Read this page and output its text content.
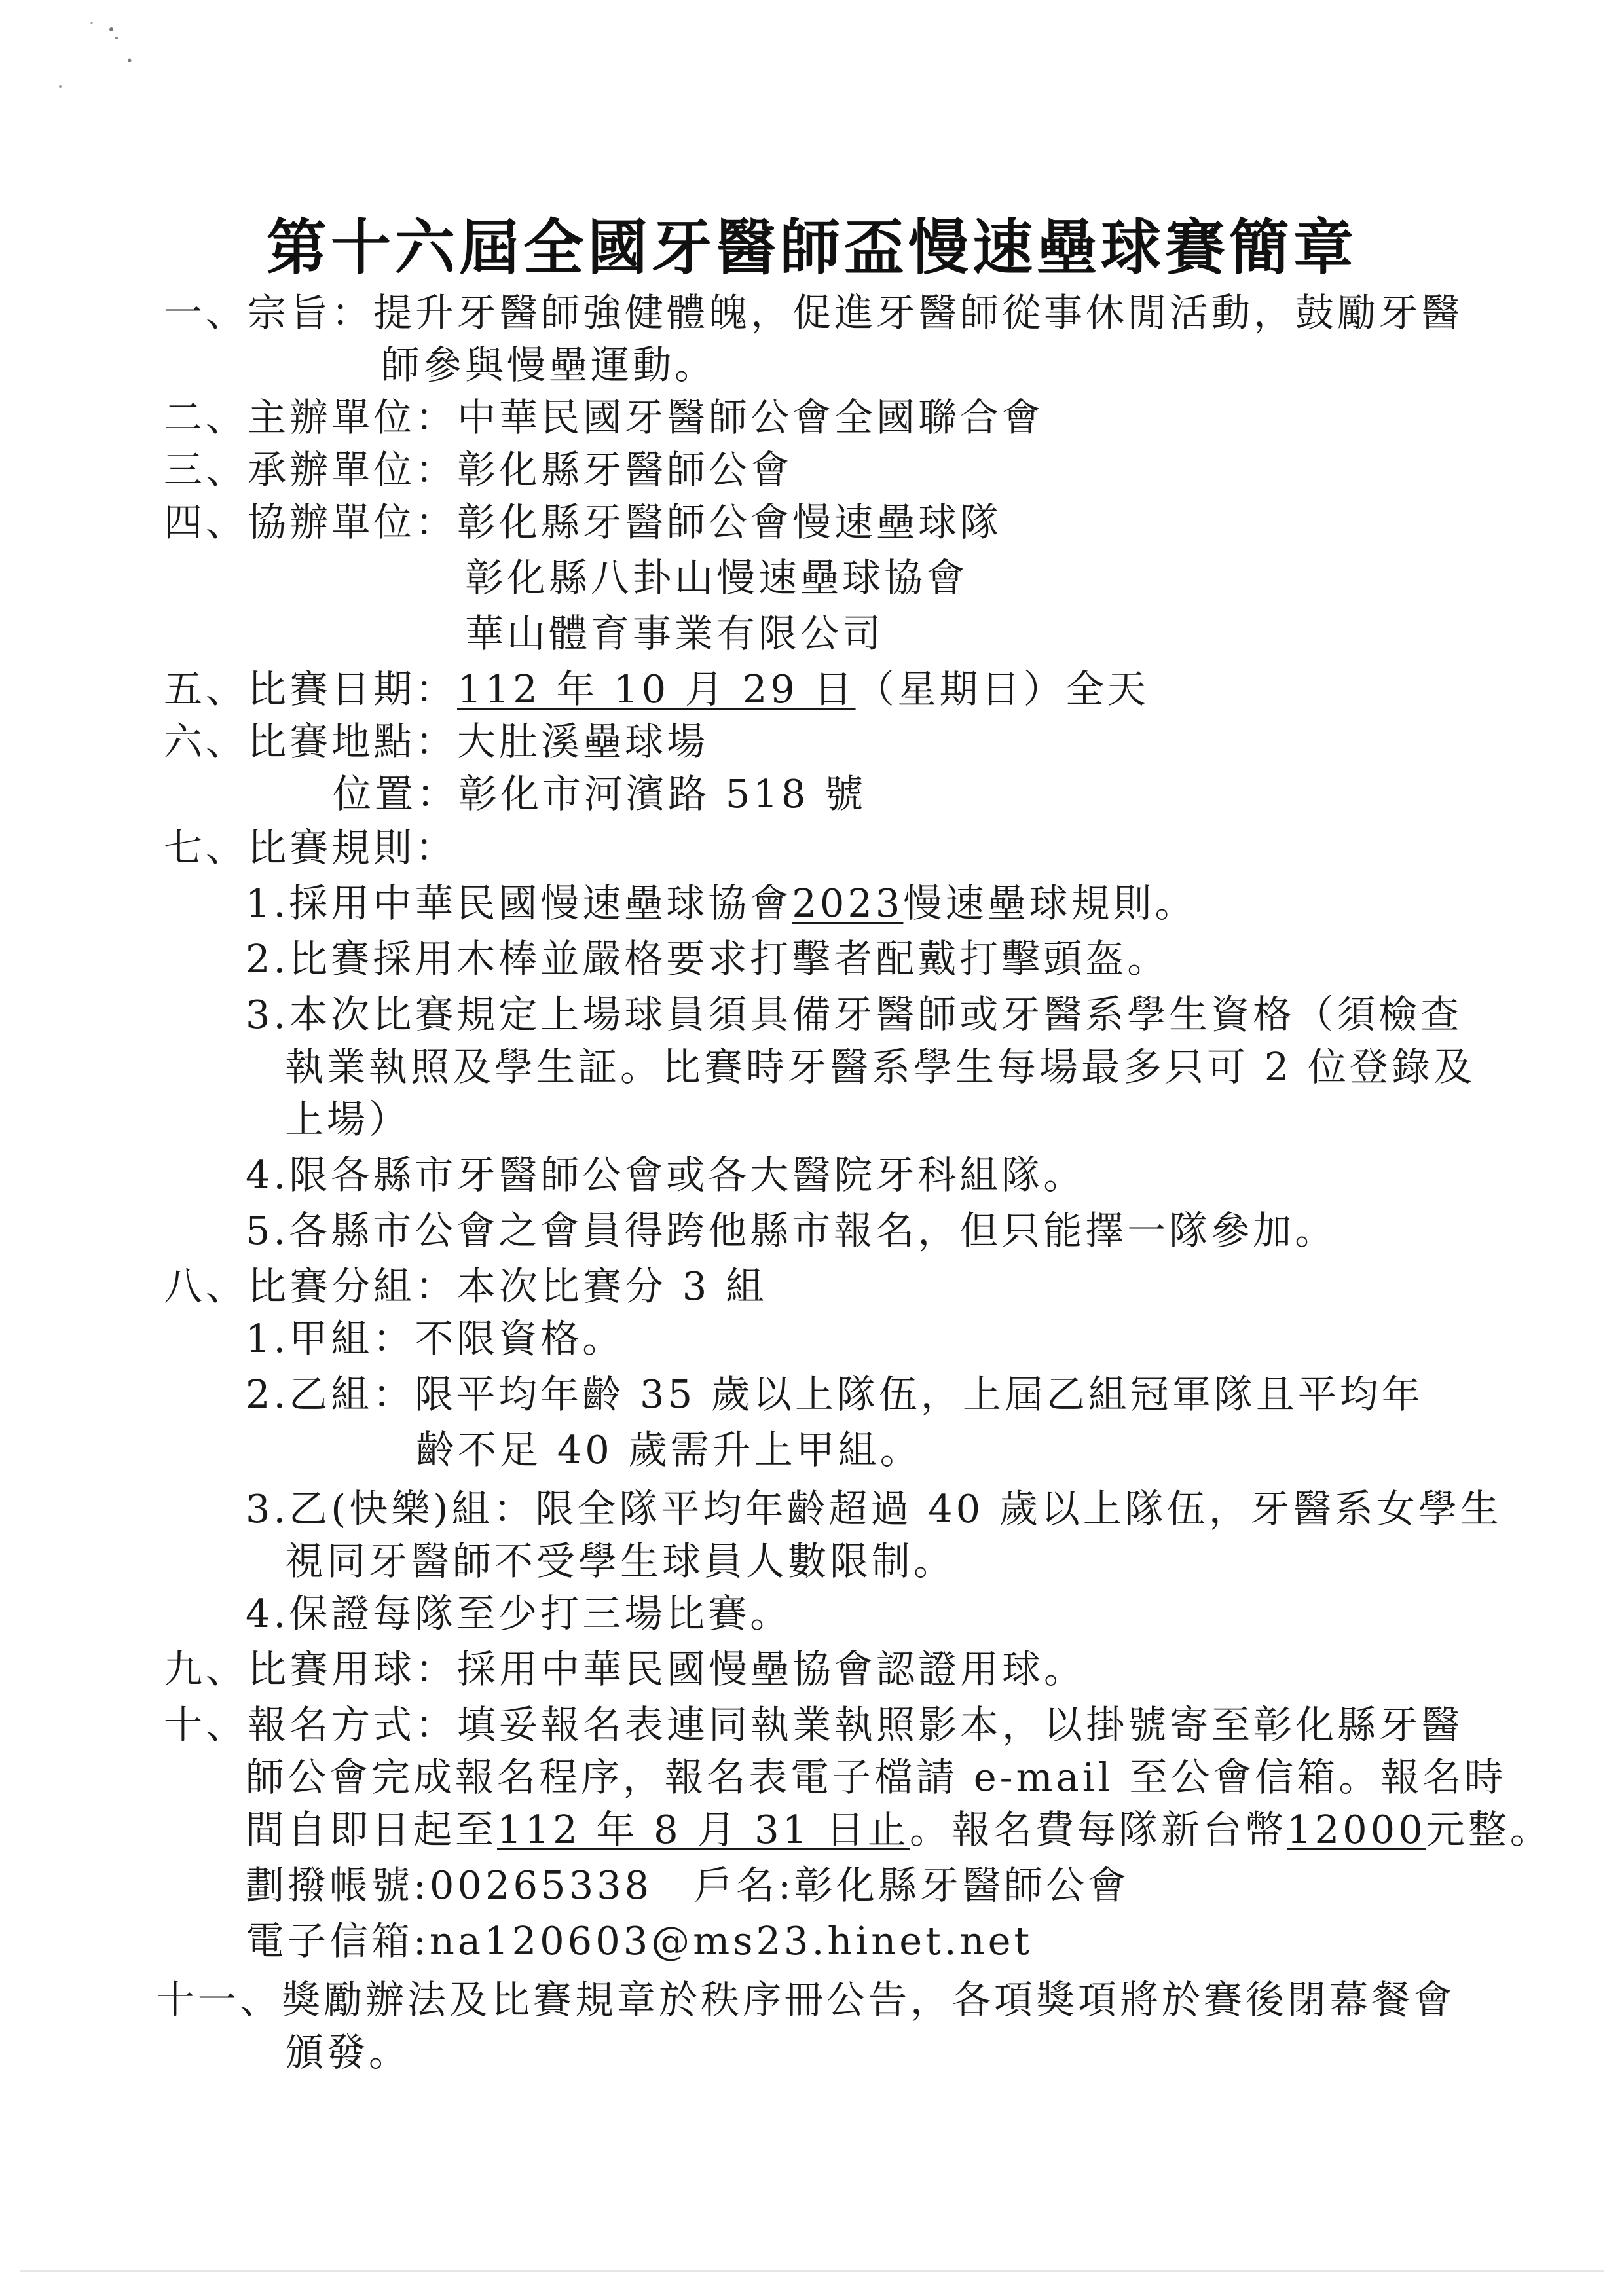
第十六屆全國牙醫師盃慢速壘球賽簡章
一、宗旨：提升牙醫師強健體魄，促進牙醫師從事休閒活動，鼓勵牙醫
師參與慢壘運動。
二、主辦單位：中華民國牙醫師公會全國聯合會
三、承辦單位：彰化縣牙醫師公會
四、協辦單位：彰化縣牙醫師公會慢速壘球隊
彰化縣八卦山慢速壘球協會
華山體育事業有限公司
五、比賽日期：112 年 10 月 29 日（星期日）全天
六、比賽地點：大肚溪壘球場
位置：彰化市河濱路 518 號
七、比賽規則：
1.採用中華民國慢速壘球協會2023慢速壘球規則。
2.比賽採用木棒並嚴格要求打擊者配戴打擊頭盔。
3.本次比賽規定上場球員須具備牙醫師或牙醫系學生資格（須檢查
執業執照及學生証。比賽時牙醫系學生每場最多只可 2 位登錄及
上場）
4.限各縣市牙醫師公會或各大醫院牙科組隊。
5.各縣市公會之會員得跨他縣市報名，但只能擇一隊參加。
八、比賽分組：本次比賽分 3 組
1.甲組：不限資格。
2.乙組：限平均年齡 35 歲以上隊伍，上屆乙組冠軍隊且平均年
齡不足 40 歲需升上甲組。
3.乙(快樂)組：限全隊平均年齡超過 40 歲以上隊伍，牙醫系女學生
視同牙醫師不受學生球員人數限制。
4.保證每隊至少打三場比賽。
九、比賽用球：採用中華民國慢壘協會認證用球。
十、報名方式：填妥報名表連同執業執照影本，以掛號寄至彰化縣牙醫
師公會完成報名程序，報名表電子檔請 e-mail 至公會信箱。報名時
間自即日起至112 年 8 月 31 日止。報名費每隊新台幣12000元整。
劃撥帳號:00265338　戶名:彰化縣牙醫師公會
電子信箱:na120603@ms23.hinet.net
十一、獎勵辦法及比賽規章於秩序冊公告，各項獎項將於賽後閉幕餐會
頒發。
